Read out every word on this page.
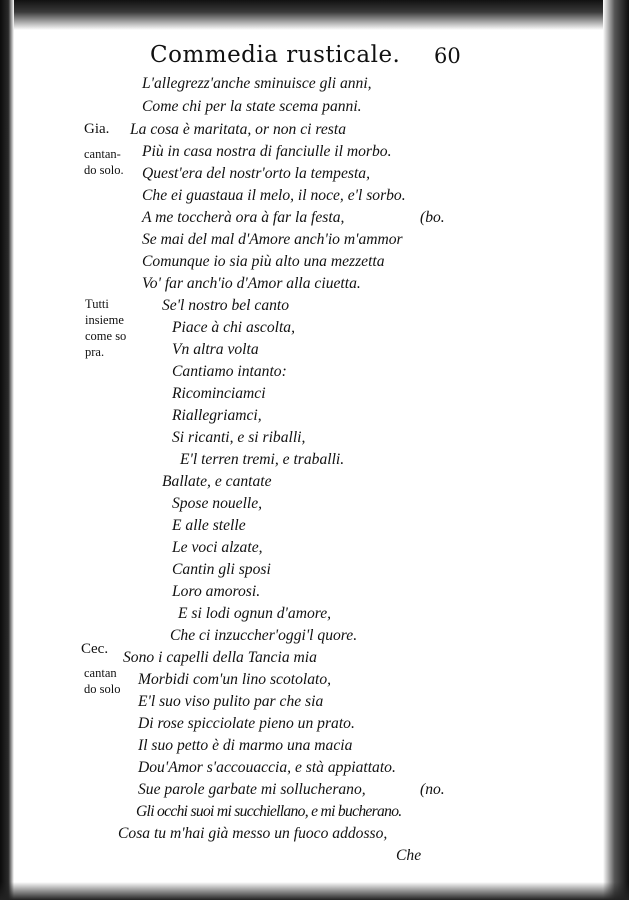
Commedia rusticale. 60
Gia.
Cec.
cantan-
do solo.
Tutti
insieme
come so
pra.
cantan
do solo
L'allegrezz'anche sminuisce gli anni,
Come chi per la state scema panni.
La cosa è maritata, or non ci resta
Più in casa nostra di fanciulle il morbo.
Quest'era del nostr'orto la tempesta,
Che ei guastaua il melo, il noce, e'l sorbo.
A me toccherà ora à far la festa,	(bo.
Se mai del mal d'Amore anch'io m'ammor
Comunque io sia più alto una mezzetta
Vo' far anch'io d'Amor alla ciuetta.
Se'l nostro bel canto
Piace à chi ascolta,
Vn altra volta
Cantiamo intanto:
Ricominciamci
Riallegriamci,
Si ricanti, e si riballi,
E'l terren tremi, e traballi.
Ballate, e cantate
Spose nouelle,
E alle stelle
Le voci alzate,
Cantin gli sposi
Loro amorosi.
E si lodi ognun d'amore,
Che ci inzuccher'oggi'l quore.
Sono i capelli della Tancia mia
Morbidi com'un lino scotolato,
E'l suo viso pulito par che sia
Di rose spicciolate pieno un prato.
Il suo petto è di marmo una macia
Dou'Amor s'accouaccia, e stà appiattato.
Sue parole garbate mi sollucherano,	(no.
Gli occhi suoi mi succhiellano, e mi bucherano.
Cosa tu m'hai già messo un fuoco addosso,
Che
